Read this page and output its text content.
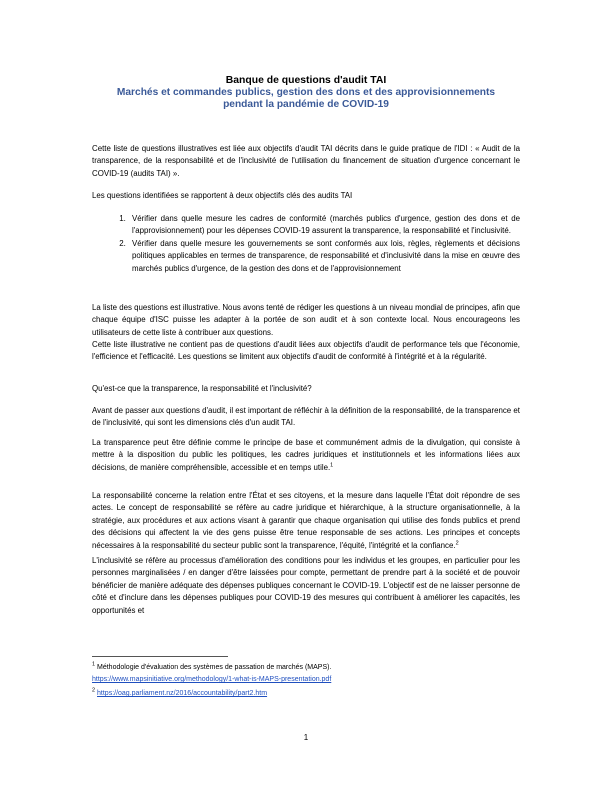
Banque de questions d'audit TAI
Marchés et commandes publics, gestion des dons et des approvisionnements
pendant la pandémie de COVID-19
Cette liste de questions illustratives est liée aux objectifs d'audit TAI décrits dans le guide pratique de l'IDI : « Audit de la transparence, de la responsabilité et de l'inclusivité de l'utilisation du financement de situation d'urgence concernant le COVID-19 (audits TAI) ».
Les questions identifiées se rapportent à deux objectifs clés des audits TAI
1. Vérifier dans quelle mesure les cadres de conformité (marchés publics d'urgence, gestion des dons et de l'approvisionnement) pour les dépenses COVID-19 assurent la transparence, la responsabilité et l'inclusivité.
2. Vérifier dans quelle mesure les gouvernements se sont conformés aux lois, règles, règlements et décisions politiques applicables en termes de transparence, de responsabilité et d'inclusivité dans la mise en œuvre des marchés publics d'urgence, de la gestion des dons et de l'approvisionnement
La liste des questions est illustrative. Nous avons tenté de rédiger les questions à un niveau mondial de principes, afin que chaque équipe d'ISC puisse les adapter à la portée de son audit et à son contexte local. Nous encourageons les utilisateurs de cette liste à contribuer aux questions.
Cette liste illustrative ne contient pas de questions d'audit liées aux objectifs d'audit de performance tels que l'économie, l'efficience et l'efficacité. Les questions se limitent aux objectifs d'audit de conformité à l'intégrité et à la régularité.
Qu'est-ce que la transparence, la responsabilité et l'inclusivité?
Avant de passer aux questions d'audit, il est important de réfléchir à la définition de la responsabilité, de la transparence et de l'inclusivité, qui sont les dimensions clés d'un audit TAI.
La transparence peut être définie comme le principe de base et communément admis de la divulgation, qui consiste à mettre à la disposition du public les politiques, les cadres juridiques et institutionnels et les informations liées aux décisions, de manière compréhensible, accessible et en temps utile.$^1$
La responsabilité concerne la relation entre l'État et ses citoyens, et la mesure dans laquelle l'État doit répondre de ses actes. Le concept de responsabilité se réfère au cadre juridique et hiérarchique, à la structure organisationnelle, à la stratégie, aux procédures et aux actions visant à garantir que chaque organisation qui utilise des fonds publics et prend des décisions qui affectent la vie des gens puisse être tenue responsable de ses actions. Les principes et concepts nécessaires à la responsabilité du secteur public sont la transparence, l'équité, l'intégrité et la confiance.$^2$
L'inclusivité se réfère au processus d'amélioration des conditions pour les individus et les groupes, en particulier pour les personnes marginalisées / en danger d'être laissées pour compte, permettant de prendre part à la société et de pouvoir bénéficier de manière adéquate des dépenses publiques concernant le COVID-19. L'objectif est de ne laisser personne de côté et d'inclure dans les dépenses publiques pour COVID-19 des mesures qui contribuent à améliorer les capacités, les opportunités et
$^1$ Méthodologie d'évaluation des systèmes de passation de marchés (MAPS).
https://www.mapsinitiative.org/methodology/1-what-is-MAPS-presentation.pdf
$^2$ https://oag.parliament.nz/2016/accountability/part2.htm
1
